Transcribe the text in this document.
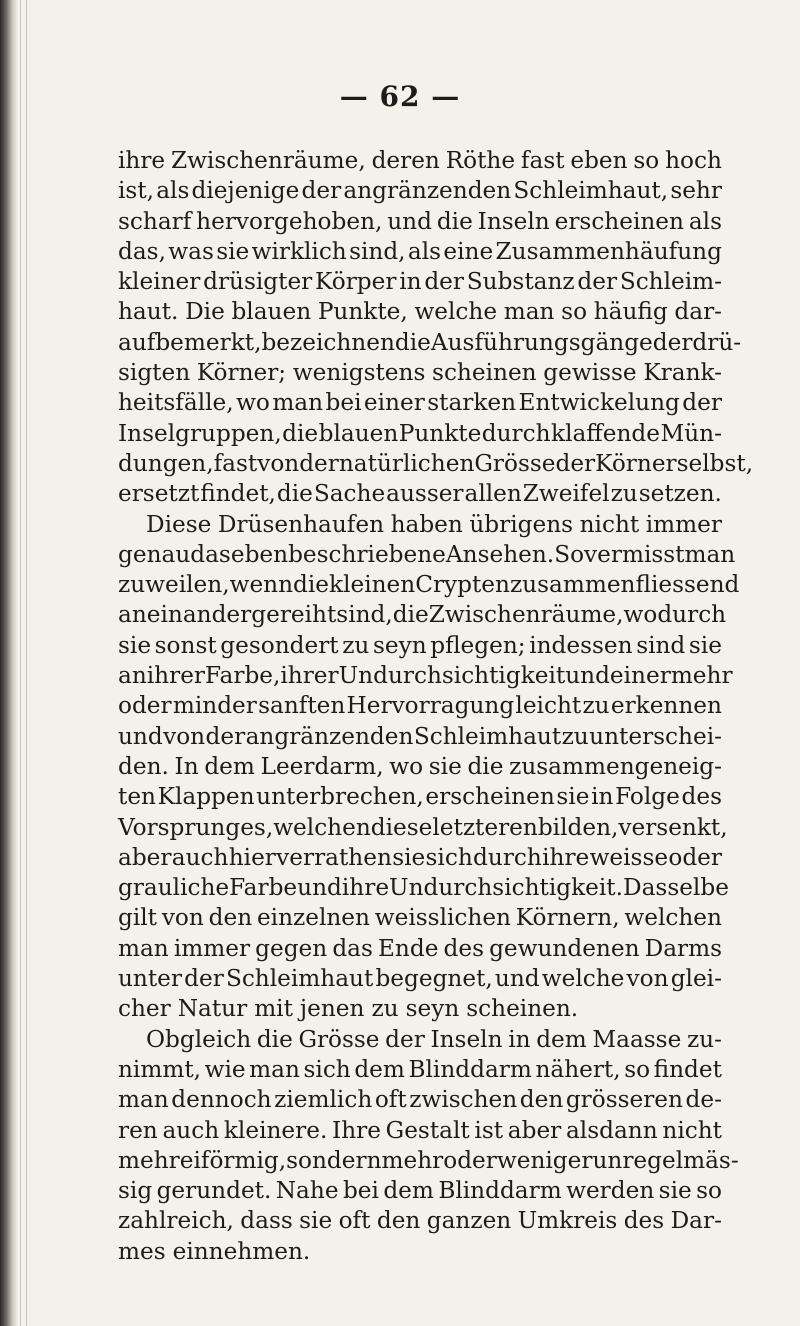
— 62 —
ihre Zwischenräume, deren Röthe fast eben so hoch
ist, als diejenige der angränzenden Schleimhaut, sehr
scharf hervorgehoben, und die Inseln erscheinen als
das, was sie wirklich sind, als eine Zusammenhäufung
kleiner drüsigter Körper in der Substanz der Schleim-
haut. Die blauen Punkte, welche man so häufig dar-
auf bemerkt, bezeichnen die Ausführungsgänge der drü-
sigten Körner; wenigstens scheinen gewisse Krank-
heitsfälle, wo man bei einer starken Entwickelung der
Inselgruppen, die blauen Punkte durch klaffende Mün-
dungen, fast von der natürlichen Grösse der Körner selbst,
ersetzt findet, die Sache ausser allen Zweifel zu setzen.
Diese Drüsenhaufen haben übrigens nicht immer
genau das eben beschriebene Ansehen. So vermisst man
zuweilen, wenn die kleinen Crypten zusammenfliessend
aneinander gereiht sind, die Zwischenräume, wodurch
sie sonst gesondert zu seyn pflegen; indessen sind sie
an ihrer Farbe, ihrer Undurchsichtigkeit und einer mehr
oder minder sanften Hervorragung leicht zu erkennen
und von der angränzenden Schleimhaut zu unterschei-
den. In dem Leerdarm, wo sie die zusammengeneig-
ten Klappen unterbrechen, erscheinen sie in Folge des
Vorsprunges, welchen diese letzteren bilden, versenkt,
aber auch hier verrathen sie sich durch ihre weisse oder
grauliche Farbe und ihre Undurchsichtigkeit. Dasselbe
gilt von den einzelnen weisslichen Körnern, welchen
man immer gegen das Ende des gewundenen Darms
unter der Schleimhaut begegnet, und welche von glei-
cher Natur mit jenen zu seyn scheinen.
Obgleich die Grösse der Inseln in dem Maasse zu-
nimmt, wie man sich dem Blinddarm nähert, so findet
man dennoch ziemlich oft zwischen den grösseren de-
ren auch kleinere. Ihre Gestalt ist aber alsdann nicht
mehr eiförmig, sondern mehr oder weniger unregelmäs-
sig gerundet. Nahe bei dem Blinddarm werden sie so
zahlreich, dass sie oft den ganzen Umkreis des Dar-
mes einnehmen.
